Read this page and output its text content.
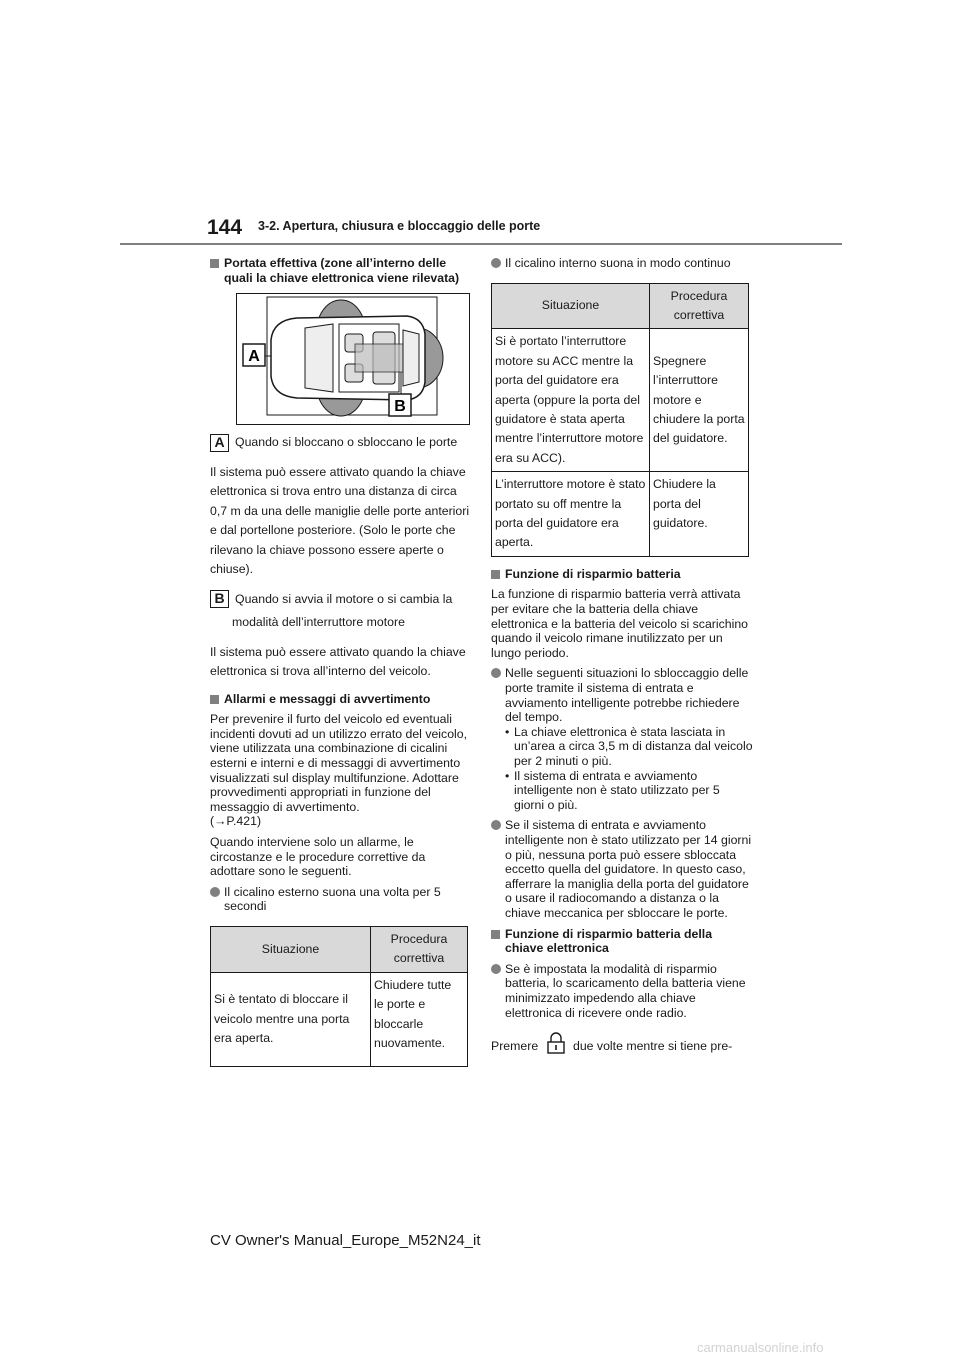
144 3-2. Apertura, chiusura e bloccaggio delle porte
Portata effettiva (zone all’interno delle quali la chiave elettronica viene rilevata)
A
B
A Quando si bloccano o sbloccano le porte
Il sistema può essere attivato quando la chiave elettronica si trova entro una distanza di circa 0,7 m da una delle maniglie delle porte anteriori e dal portellone posteriore. (Solo le porte che rilevano la chiave possono essere aperte o chiuse).
B Quando si avvia il motore o si cambia la
modalità dell’interruttore motore
Il sistema può essere attivato quando la chiave elettronica si trova all’interno del veicolo.
Allarmi e messaggi di avvertimento
Per prevenire il furto del veicolo ed eventuali incidenti dovuti ad un utilizzo errato del veicolo, viene utilizzata una combinazione di cicalini esterni e interni e di messaggi di avvertimento visualizzati sul display multifunzione. Adottare provvedimenti appropriati in funzione del messaggio di avvertimento.
(→P.421)
Quando interviene solo un allarme, le circostanze e le procedure correttive da adottare sono le seguenti.
Il cicalino esterno suona una volta per 5 secondi
Situazione	Procedura correttiva
Si è tentato di bloccare il veicolo mentre una porta era aperta.	Chiudere tutte le porte e bloccarle nuovamente.
Il cicalino interno suona in modo continuo
Situazione	Procedura correttiva
Si è portato l’interruttore motore su ACC mentre la porta del guidatore era aperta (oppure la porta del guidatore è stata aperta mentre l’interruttore motore era su ACC).	Spegnere l’interruttore motore e chiudere la porta del guidatore.
L’interruttore motore è stato portato su off mentre la porta del guidatore era aperta.	Chiudere la porta del guidatore.
Funzione di risparmio batteria
La funzione di risparmio batteria verrà attivata per evitare che la batteria della chiave elettronica e la batteria del veicolo si scarichino quando il veicolo rimane inutilizzato per un lungo periodo.
Nelle seguenti situazioni lo sbloccaggio delle porte tramite il sistema di entrata e avviamento intelligente potrebbe richiedere del tempo.
• La chiave elettronica è stata lasciata in un’area a circa 3,5 m di distanza dal veicolo per 2 minuti o più.
• Il sistema di entrata e avviamento intelligente non è stato utilizzato per 5 giorni o più.
Se il sistema di entrata e avviamento intelligente non è stato utilizzato per 14 giorni o più, nessuna porta può essere sbloccata eccetto quella del guidatore. In questo caso, afferrare la maniglia della porta del guidatore o usare il radiocomando a distanza o la chiave meccanica per sbloccare le porte.
Funzione di risparmio batteria della chiave elettronica
Se è impostata la modalità di risparmio batteria, lo scaricamento della batteria viene minimizzato impedendo alla chiave elettronica di ricevere onde radio.
Premere	due volte mentre si tiene pre-
CV Owner's Manual_Europe_M52N24_it
carmanualsonline.info
